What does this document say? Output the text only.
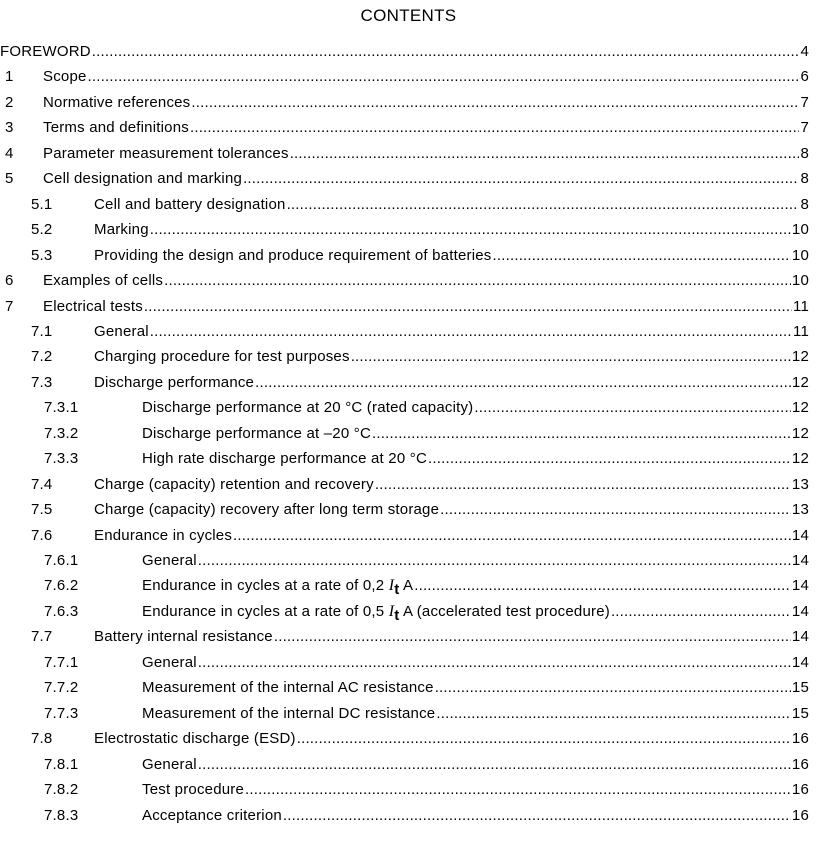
CONTENTS
FOREWORD .....	4
1	Scope .....	6
2	Normative references .....	7
3	Terms and definitions .....	7
4	Parameter measurement tolerances .....	8
5	Cell designation and marking .....	8
5.1	Cell and battery designation .....	8
5.2	Marking .....	10
5.3	Providing the design and produce requirement of batteries .....	10
6	Examples of cells .....	10
7	Electrical tests .....	11
7.1	General .....	11
7.2	Charging procedure for test purposes .....	12
7.3	Discharge performance .....	12
7.3.1	Discharge performance at 20 °C (rated capacity) .....	12
7.3.2	Discharge performance at –20 °C .....	12
7.3.3	High rate discharge performance at 20 °C .....	12
7.4	Charge (capacity) retention and recovery .....	13
7.5	Charge (capacity) recovery after long term storage .....	13
7.6	Endurance in cycles .....	14
7.6.1	General .....	14
7.6.2	Endurance in cycles at a rate of 0,2 It A .....	14
7.6.3	Endurance in cycles at a rate of 0,5 It A (accelerated test procedure) .....	14
7.7	Battery internal resistance .....	14
7.7.1	General .....	14
7.7.2	Measurement of the internal AC resistance .....	15
7.7.3	Measurement of the internal DC resistance .....	15
7.8	Electrostatic discharge (ESD) .....	16
7.8.1	General .....	16
7.8.2	Test procedure .....	16
7.8.3	Acceptance criterion .....	16
